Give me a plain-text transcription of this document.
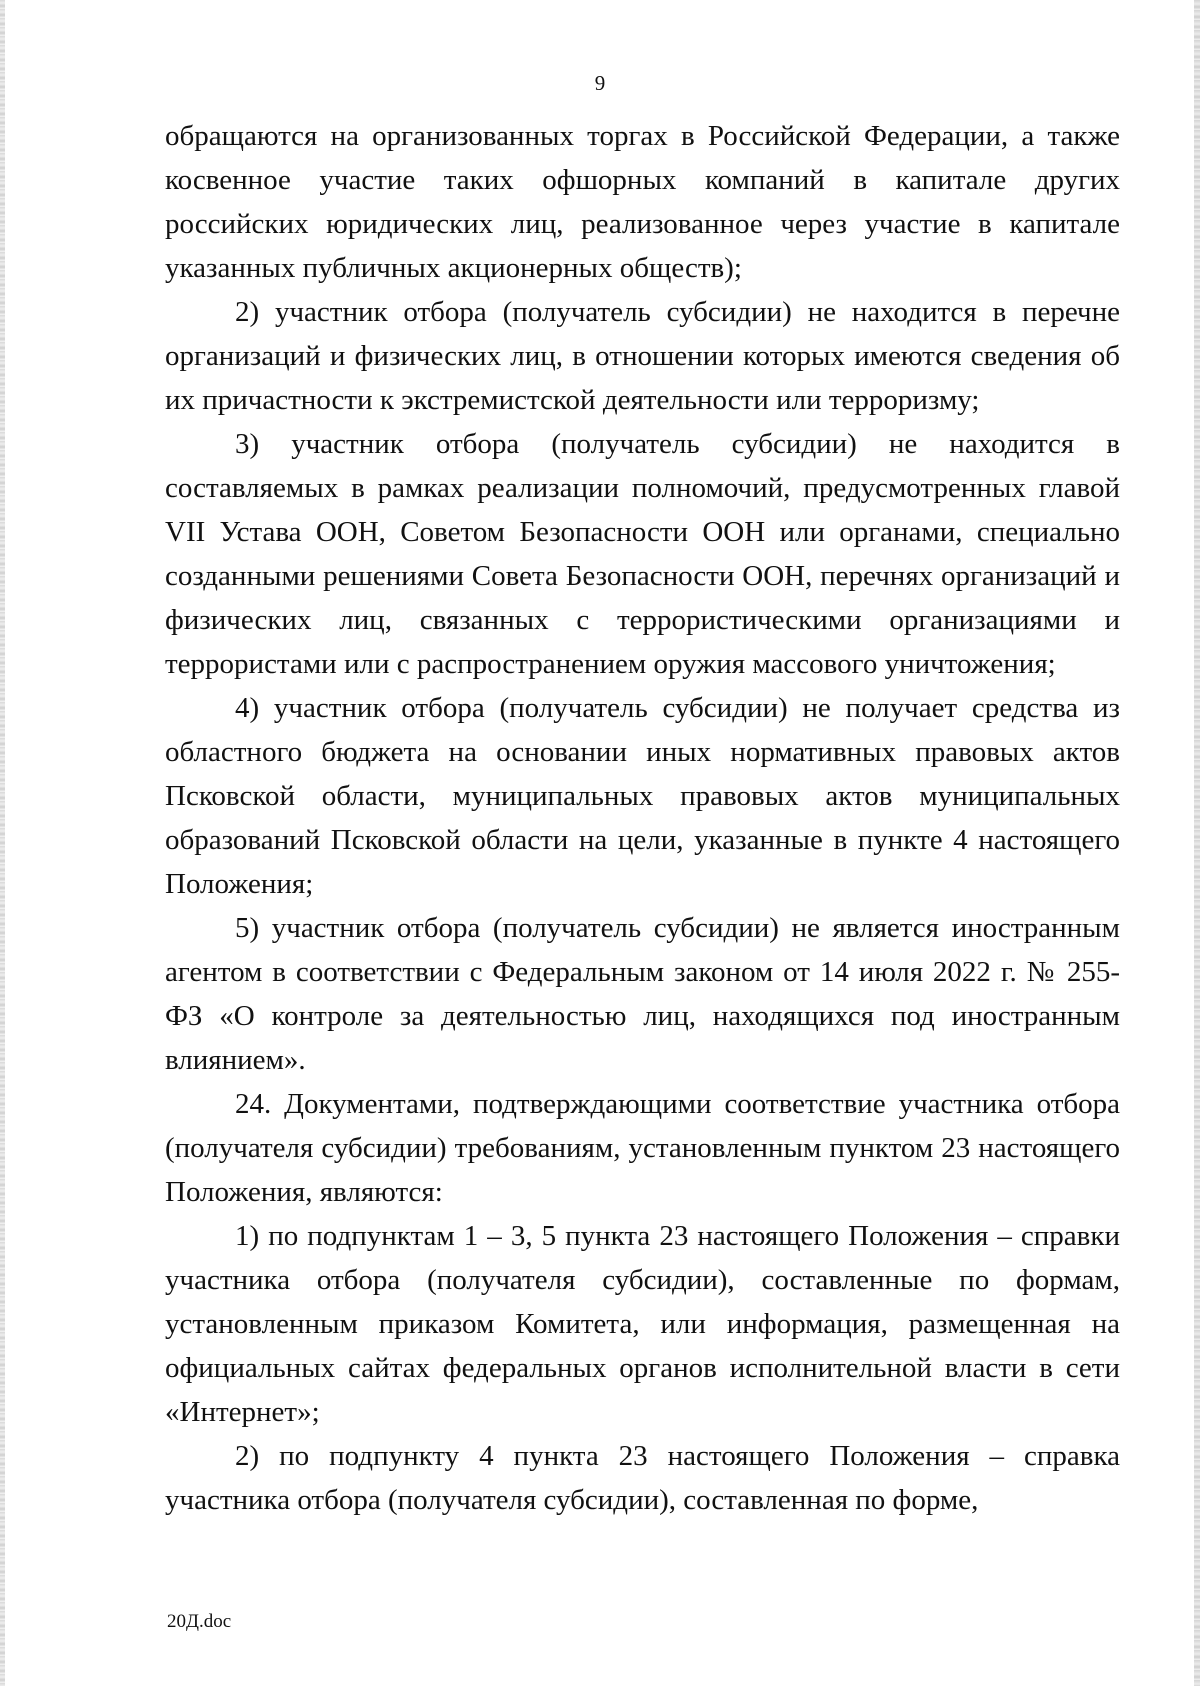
9

обращаются на организованных торгах в Российской Федерации, а также косвенное участие таких офшорных компаний в капитале других российских юридических лиц, реализованное через участие в капитале указанных публичных акционерных обществ);

2) участник отбора (получатель субсидии) не находится в перечне организаций и физических лиц, в отношении которых имеются сведения об их причастности к экстремистской деятельности или терроризму;

3) участник отбора (получатель субсидии) не находится в составляемых в рамках реализации полномочий, предусмотренных главой VII Устава ООН, Советом Безопасности ООН или органами, специально созданными решениями Совета Безопасности ООН, перечнях организаций и физических лиц, связанных с террористическими организациями и террористами или с распространением оружия массового уничтожения;

4) участник отбора (получатель субсидии) не получает средства из областного бюджета на основании иных нормативных правовых актов Псковской области, муниципальных правовых актов муниципальных образований Псковской области на цели, указанные в пункте 4 настоящего Положения;

5) участник отбора (получатель субсидии) не является иностранным агентом в соответствии с Федеральным законом от 14 июля 2022 г. № 255-ФЗ «О контроле за деятельностью лиц, находящихся под иностранным влиянием».

24. Документами, подтверждающими соответствие участника отбора (получателя субсидии) требованиям, установленным пунктом 23 настоящего Положения, являются:

1) по подпунктам 1 – 3, 5 пункта 23 настоящего Положения – справки участника отбора (получателя субсидии), составленные по формам, установленным приказом Комитета, или информация, размещенная на официальных сайтах федеральных органов исполнительной власти в сети «Интернет»;

2) по подпункту 4 пункта 23 настоящего Положения – справка участника отбора (получателя субсидии), составленная по форме,

20Д.doc
